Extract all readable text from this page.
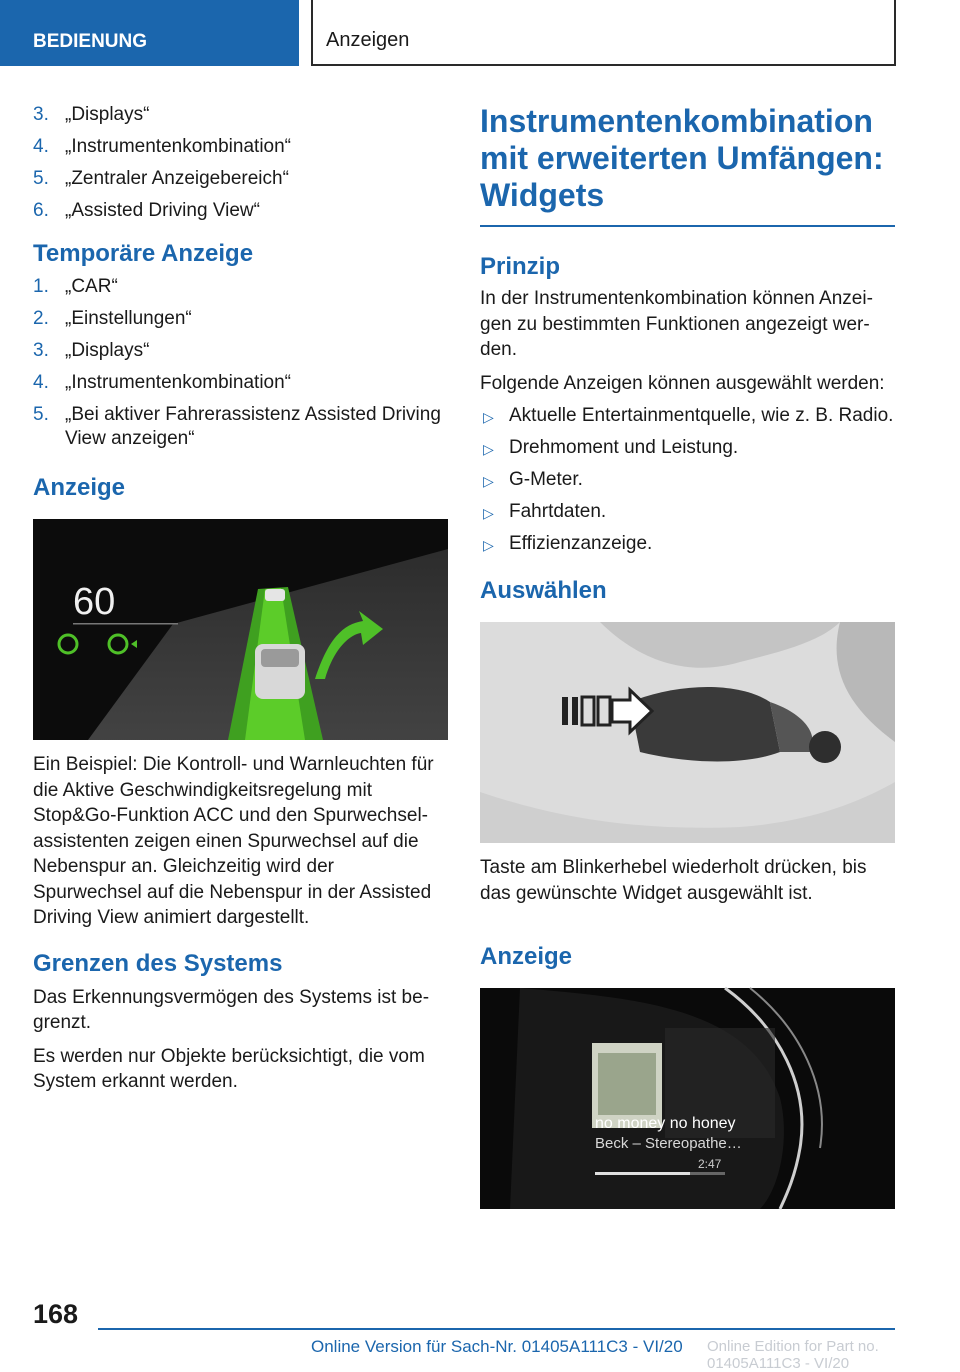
BEDIENUNG	Anzeigen
3. „Displays“
4. „Instrumentenkombination“
5. „Zentraler Anzeigebereich“
6. „Assisted Driving View“
Temporäre Anzeige
1. „CAR“
2. „Einstellungen“
3. „Displays“
4. „Instrumentenkombination“
5. „Bei aktiver Fahrerassistenz Assisted Driving View anzeigen“
Anzeige
60
Ein Beispiel: Die Kontroll- und Warnleuchten für die Aktive Geschwindigkeitsregelung mit Stop&Go-Funktion ACC und den Spurwechselassistenten zeigen einen Spurwechsel auf die Nebenspur an. Gleichzeitig wird der Spurwechsel auf die Nebenspur in der Assisted Driving View animiert dargestellt.
Grenzen des Systems
Das Erkennungsvermögen des Systems ist begrenzt.
Es werden nur Objekte berücksichtigt, die vom System erkannt werden.
Instrumentenkombination mit erweiterten Umfängen: Widgets
Prinzip
In der Instrumentenkombination können Anzeigen zu bestimmten Funktionen angezeigt werden.
Folgende Anzeigen können ausgewählt werden:
▷ Aktuelle Entertainmentquelle, wie z. B. Radio.
▷ Drehmoment und Leistung.
▷ G-Meter.
▷ Fahrtdaten.
▷ Effizienzanzeige.
Auswählen
Taste am Blinkerhebel wiederholt drücken, bis das gewünschte Widget ausgewählt ist.
Anzeige
no money no honey
Beck – Stereopathe…
2:47
168
Online Version für Sach-Nr. 01405A111C3 - VI/20 Online Edition for Part no. 01405A111C3 - VI/20
